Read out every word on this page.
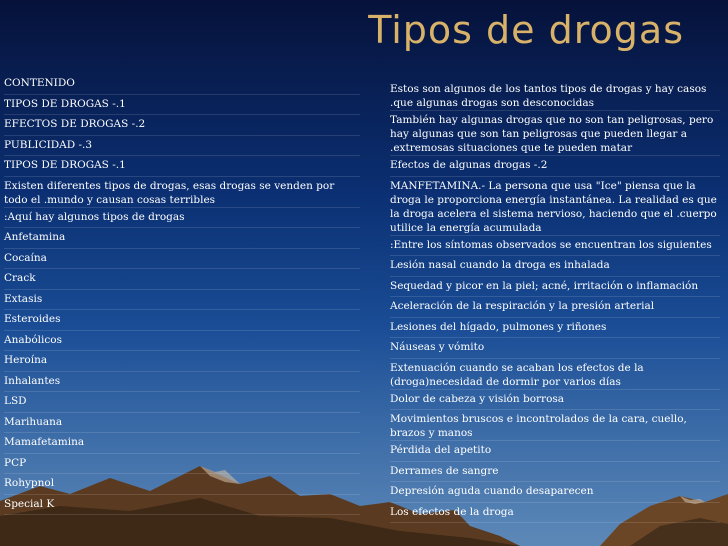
Tipos de drogas
CONTENIDO
TIPOS DE DROGAS -.1
EFECTOS DE DROGAS -.2
PUBLICIDAD -.3
TIPOS DE DROGAS -.1
Existen diferentes tipos de drogas, esas drogas se venden por todo el .mundo y causan cosas terribles
:Aquí hay algunos tipos de drogas
Anfetamina
Cocaína
Crack
Extasis
Esteroides
Anabólicos
Heroína
Inhalantes
LSD
Marihuana
Mamafetamina
PCP
Rohypnol
Special K
Estos son algunos de los tantos tipos de drogas y hay casos .que algunas drogas son desconocidas
También hay algunas drogas que no son tan peligrosas, pero hay algunas que son tan peligrosas que pueden llegar a .extremosas situaciones que te pueden matar
Efectos de algunas drogas -.2
MANFETAMINA.- La persona que usa "Ice" piensa que la droga le proporciona energía instantánea. La realidad es que la droga acelera el sistema nervioso, haciendo que el .cuerpo utilice la energía acumulada
:Entre los síntomas observados se encuentran los siguientes
Lesión nasal cuando la droga es inhalada
Sequedad y picor en la piel; acné, irritación o inflamación
Aceleración de la respiración y la presión arterial
Lesiones del hígado, pulmones y riñones
Náuseas y vómito
Extenuación cuando se acaban los efectos de la (droga)necesidad de dormir por varios días
Dolor de cabeza y visión borrosa
Movimientos bruscos e incontrolados de la cara, cuello, brazos y manos
Pérdida del apetito
Derrames de sangre
Depresión aguda cuando desaparecen
Los efectos de la droga
